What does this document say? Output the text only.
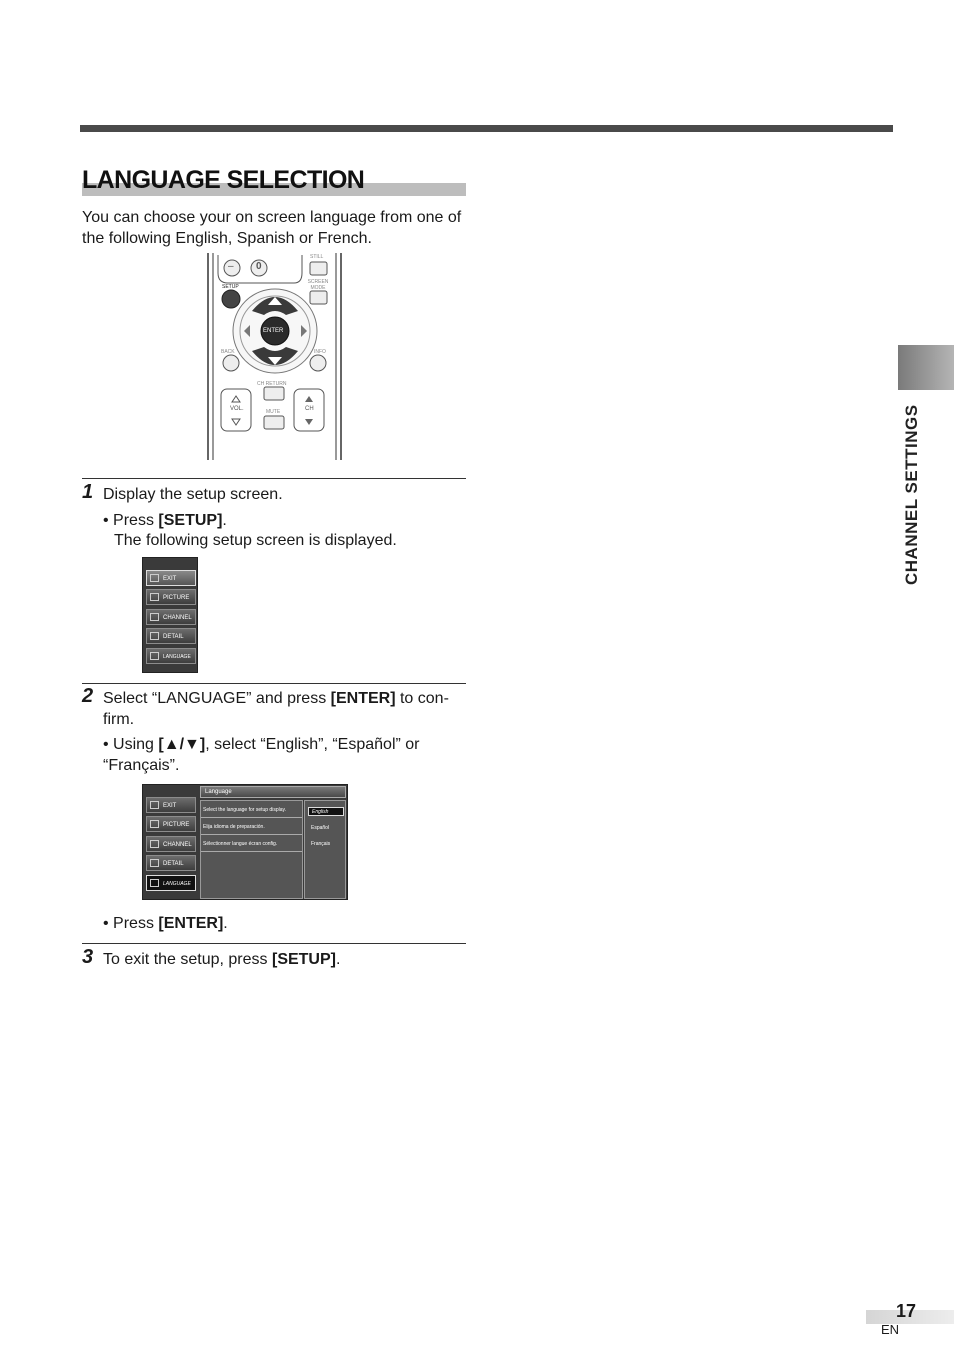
LANGUAGE SELECTION
You can choose your on screen language from one of the following English, Spanish or French.
– 0
STILL
SCREEN MODE
SETUP
ENTER
BACK	INFO
CH RETURN
VOL.	MUTE	CH
1 Display the setup screen.
• Press [SETUP].
The following setup screen is displayed.
EXIT
PICTURE
CHANNEL
DETAIL
LANGUAGE
2 Select “LANGUAGE” and press [ENTER] to con-firm.
• Using [▲/▼], select “English”, “Español” or “Français”.
EXIT
PICTURE
CHANNEL
DETAIL
LANGUAGE
Language
Select the language for setup display.
Elija idioma de preparación.
Sélectionner langue écran config.
English
Español
Français
• Press [ENTER].
3 To exit the setup, press [SETUP].
CHANNEL SETTINGS
17
EN
